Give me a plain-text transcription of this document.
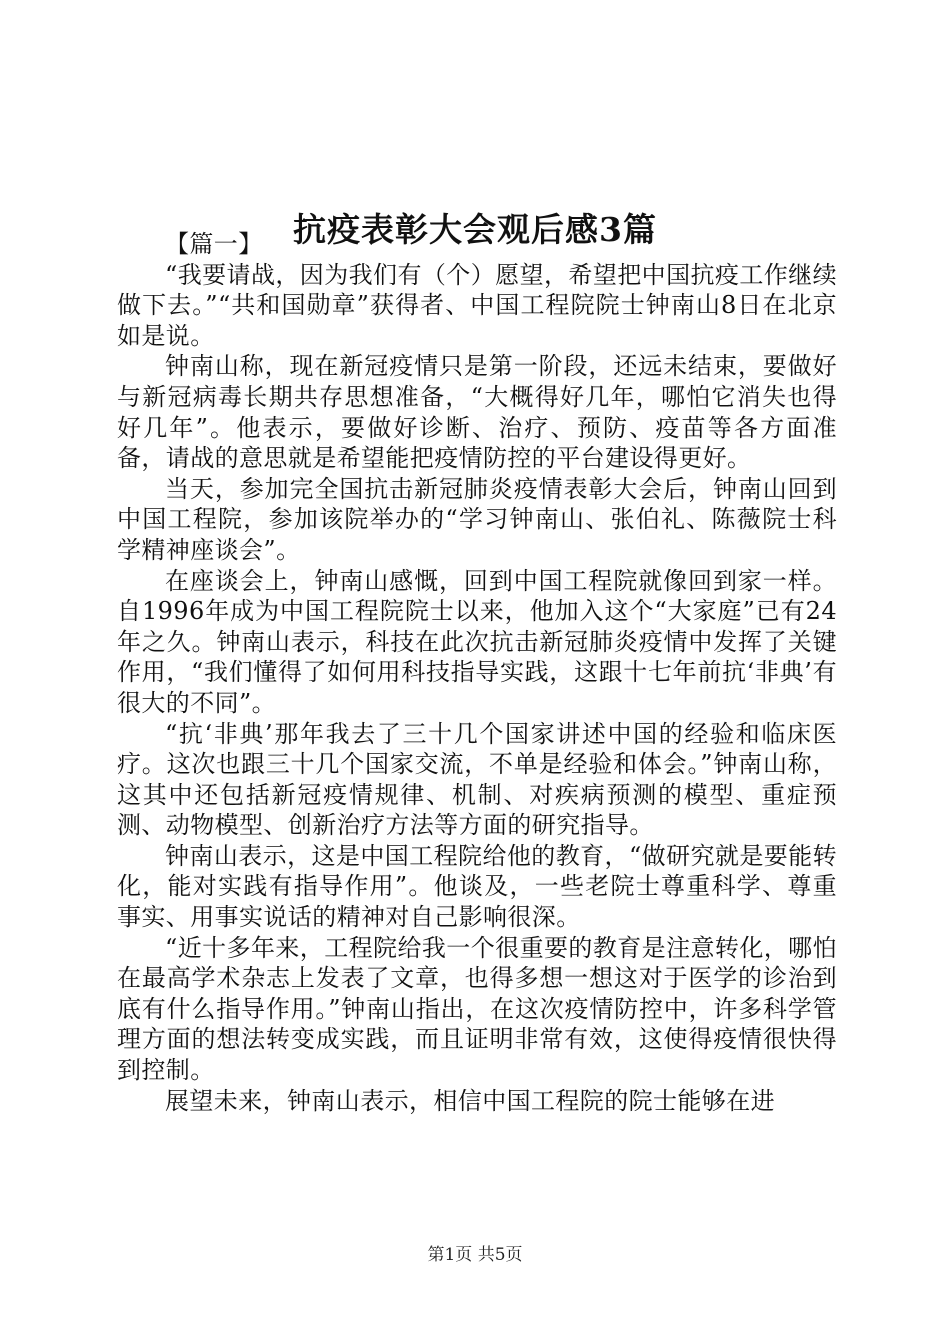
抗疫表彰大会观后感3篇

【篇一】

“我要请战，因为我们有（个）愿望，希望把中国抗疫工作继续做下去。”“共和国勋章”获得者、中国工程院院士钟南山8日在北京如是说。

钟南山称，现在新冠疫情只是第一阶段，还远未结束，要做好与新冠病毒长期共存思想准备，“大概得好几年，哪怕它消失也得好几年”。他表示，要做好诊断、治疗、预防、疫苗等各方面准备，请战的意思就是希望能把疫情防控的平台建设得更好。

当天，参加完全国抗击新冠肺炎疫情表彰大会后，钟南山回到中国工程院，参加该院举办的“学习钟南山、张伯礼、陈薇院士科学精神座谈会”。

在座谈会上，钟南山感慨，回到中国工程院就像回到家一样。自1996年成为中国工程院院士以来，他加入这个“大家庭”已有24年之久。钟南山表示，科技在此次抗击新冠肺炎疫情中发挥了关键作用，“我们懂得了如何用科技指导实践，这跟十七年前抗‘非典’有很大的不同”。

“抗‘非典’那年我去了三十几个国家讲述中国的经验和临床医疗。这次也跟三十几个国家交流，不单是经验和体会。”钟南山称，这其中还包括新冠疫情规律、机制、对疾病预测的模型、重症预测、动物模型、创新治疗方法等方面的研究指导。

钟南山表示，这是中国工程院给他的教育，“做研究就是要能转化，能对实践有指导作用”。他谈及，一些老院士尊重科学、尊重事实、用事实说话的精神对自己影响很深。

“近十多年来，工程院给我一个很重要的教育是注意转化，哪怕在最高学术杂志上发表了文章，也得多想一想这对于医学的诊治到底有什么指导作用。”钟南山指出，在这次疫情防控中，许多科学管理方面的想法转变成实践，而且证明非常有效，这使得疫情很快得到控制。

展望未来，钟南山表示，相信中国工程院的院士能够在进

第1页 共5页
